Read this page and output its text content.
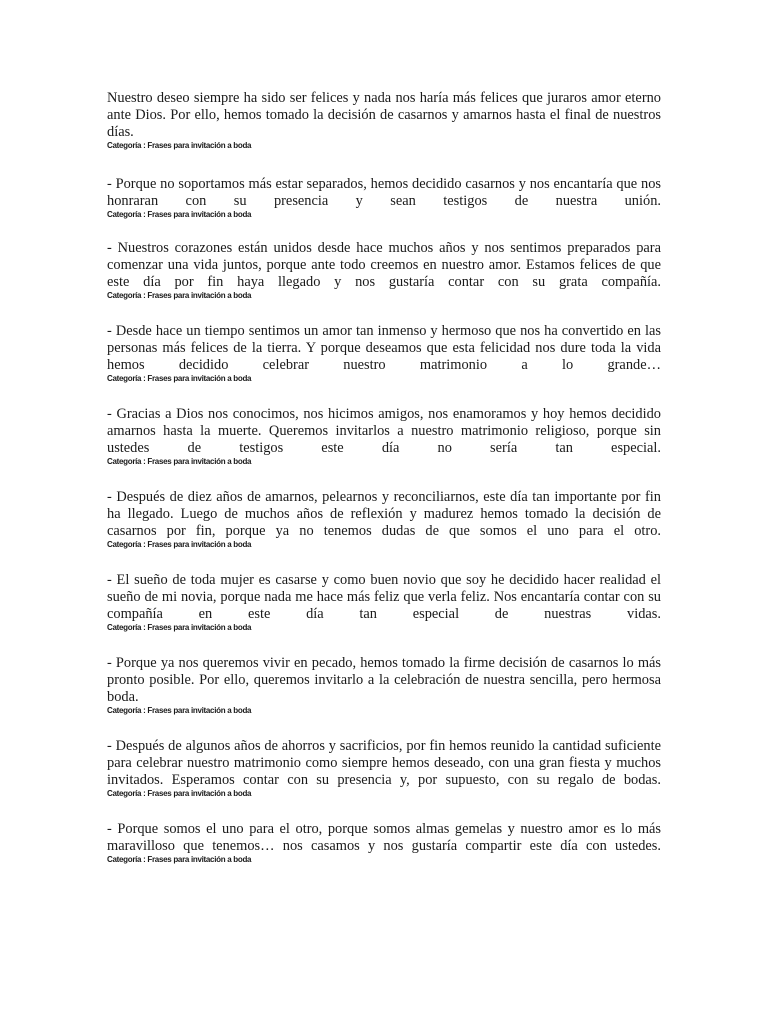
Nuestro deseo siempre ha sido ser felices y nada nos haría más felices que juraros amor eterno ante Dios. Por ello, hemos tomado la decisión de casarnos y amarnos hasta el final de nuestros días.

Categoría : Frases para invitación a boda

- Porque no soportamos más estar separados, hemos decidido casarnos y nos encantaría que nos honraran con su presencia y sean testigos de nuestra unión.

Categoría : Frases para invitación a boda

- Nuestros corazones están unidos desde hace muchos años y nos sentimos preparados para comenzar una vida juntos, porque ante todo creemos en nuestro amor. Estamos felices de que este día por fin haya llegado y nos gustaría contar con su grata compañía.

Categoría : Frases para invitación a boda

- Desde hace un tiempo sentimos un amor tan inmenso y hermoso que nos ha convertido en las personas más felices de la tierra. Y porque deseamos que esta felicidad nos dure toda la vida hemos decidido celebrar nuestro matrimonio a lo grande…

Categoría : Frases para invitación a boda

- Gracias a Dios nos conocimos, nos hicimos amigos, nos enamoramos y hoy hemos decidido amarnos hasta la muerte. Queremos invitarlos a nuestro matrimonio religioso, porque sin ustedes de testigos este día no sería tan especial.

Categoría : Frases para invitación a boda

- Después de diez años de amarnos, pelearnos y reconciliarnos, este día tan importante por fin ha llegado. Luego de muchos años de reflexión y madurez hemos tomado la decisión de casarnos por fin, porque ya no tenemos dudas de que somos el uno para el otro.

Categoría : Frases para invitación a boda

- El sueño de toda mujer es casarse y como buen novio que soy he decidido hacer realidad el sueño de mi novia, porque nada me hace más feliz que verla feliz. Nos encantaría contar con su compañía en este día tan especial de nuestras vidas.

Categoría : Frases para invitación a boda

- Porque ya nos queremos vivir en pecado, hemos tomado la firme decisión de casarnos lo más pronto posible. Por ello, queremos invitarlo a la celebración de nuestra sencilla, pero hermosa boda.

Categoría : Frases para invitación a boda

- Después de algunos años de ahorros y sacrificios, por fin hemos reunido la cantidad suficiente para celebrar nuestro matrimonio como siempre hemos deseado, con una gran fiesta y muchos invitados. Esperamos contar con su presencia y, por supuesto, con su regalo de bodas.

Categoría : Frases para invitación a boda

- Porque somos el uno para el otro, porque somos almas gemelas y nuestro amor es lo más maravilloso que tenemos… nos casamos y nos gustaría compartir este día con ustedes.

Categoría : Frases para invitación a boda
